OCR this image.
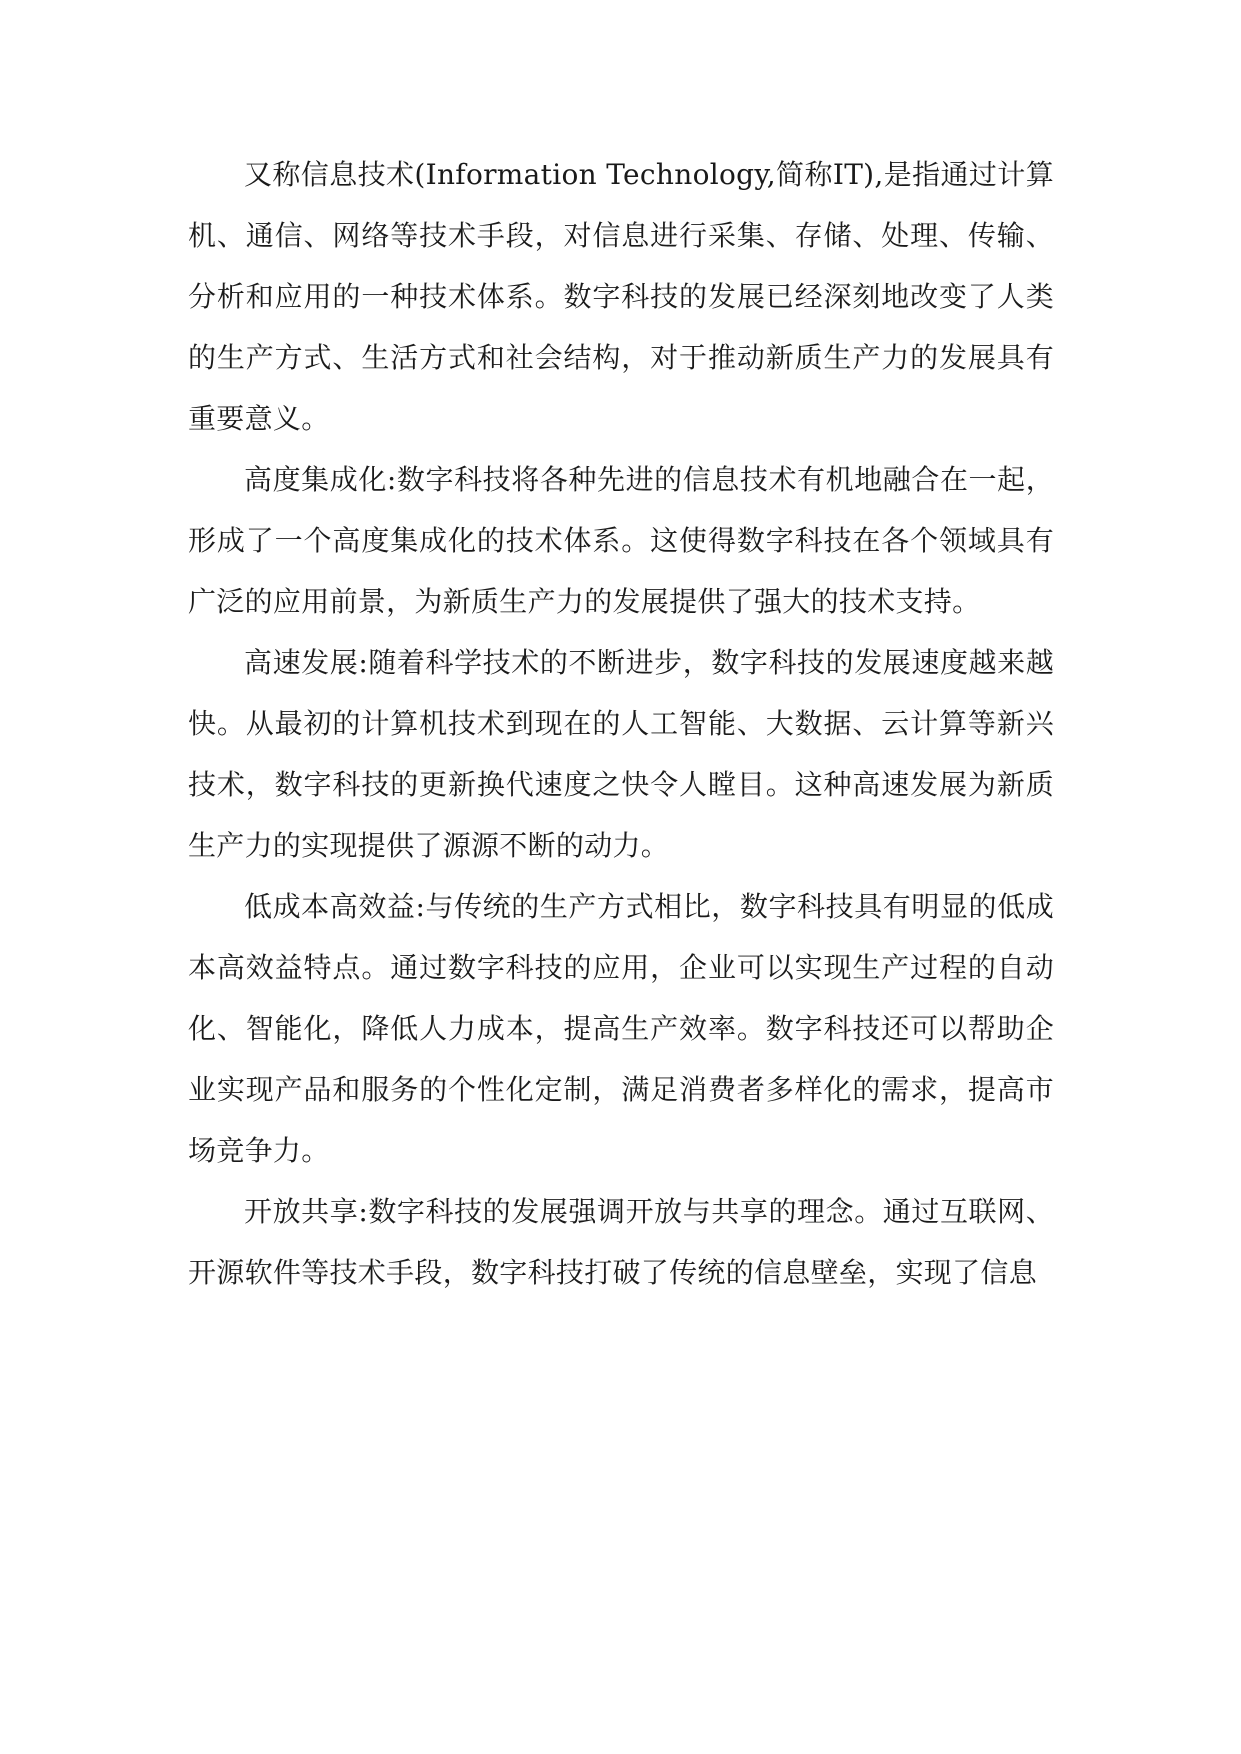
又称信息技术(Information Technology,简称IT),是指通过计算机、通信、网络等技术手段，对信息进行采集、存储、处理、传输、分析和应用的一种技术体系。数字科技的发展已经深刻地改变了人类的生产方式、生活方式和社会结构，对于推动新质生产力的发展具有重要意义。

高度集成化:数字科技将各种先进的信息技术有机地融合在一起，形成了一个高度集成化的技术体系。这使得数字科技在各个领域具有广泛的应用前景，为新质生产力的发展提供了强大的技术支持。

高速发展:随着科学技术的不断进步，数字科技的发展速度越来越快。从最初的计算机技术到现在的人工智能、大数据、云计算等新兴技术，数字科技的更新换代速度之快令人瞠目。这种高速发展为新质生产力的实现提供了源源不断的动力。

低成本高效益:与传统的生产方式相比，数字科技具有明显的低成本高效益特点。通过数字科技的应用，企业可以实现生产过程的自动化、智能化，降低人力成本，提高生产效率。数字科技还可以帮助企业实现产品和服务的个性化定制，满足消费者多样化的需求，提高市场竞争力。

开放共享:数字科技的发展强调开放与共享的理念。通过互联网、开源软件等技术手段，数字科技打破了传统的信息壁垒，实现了信息
